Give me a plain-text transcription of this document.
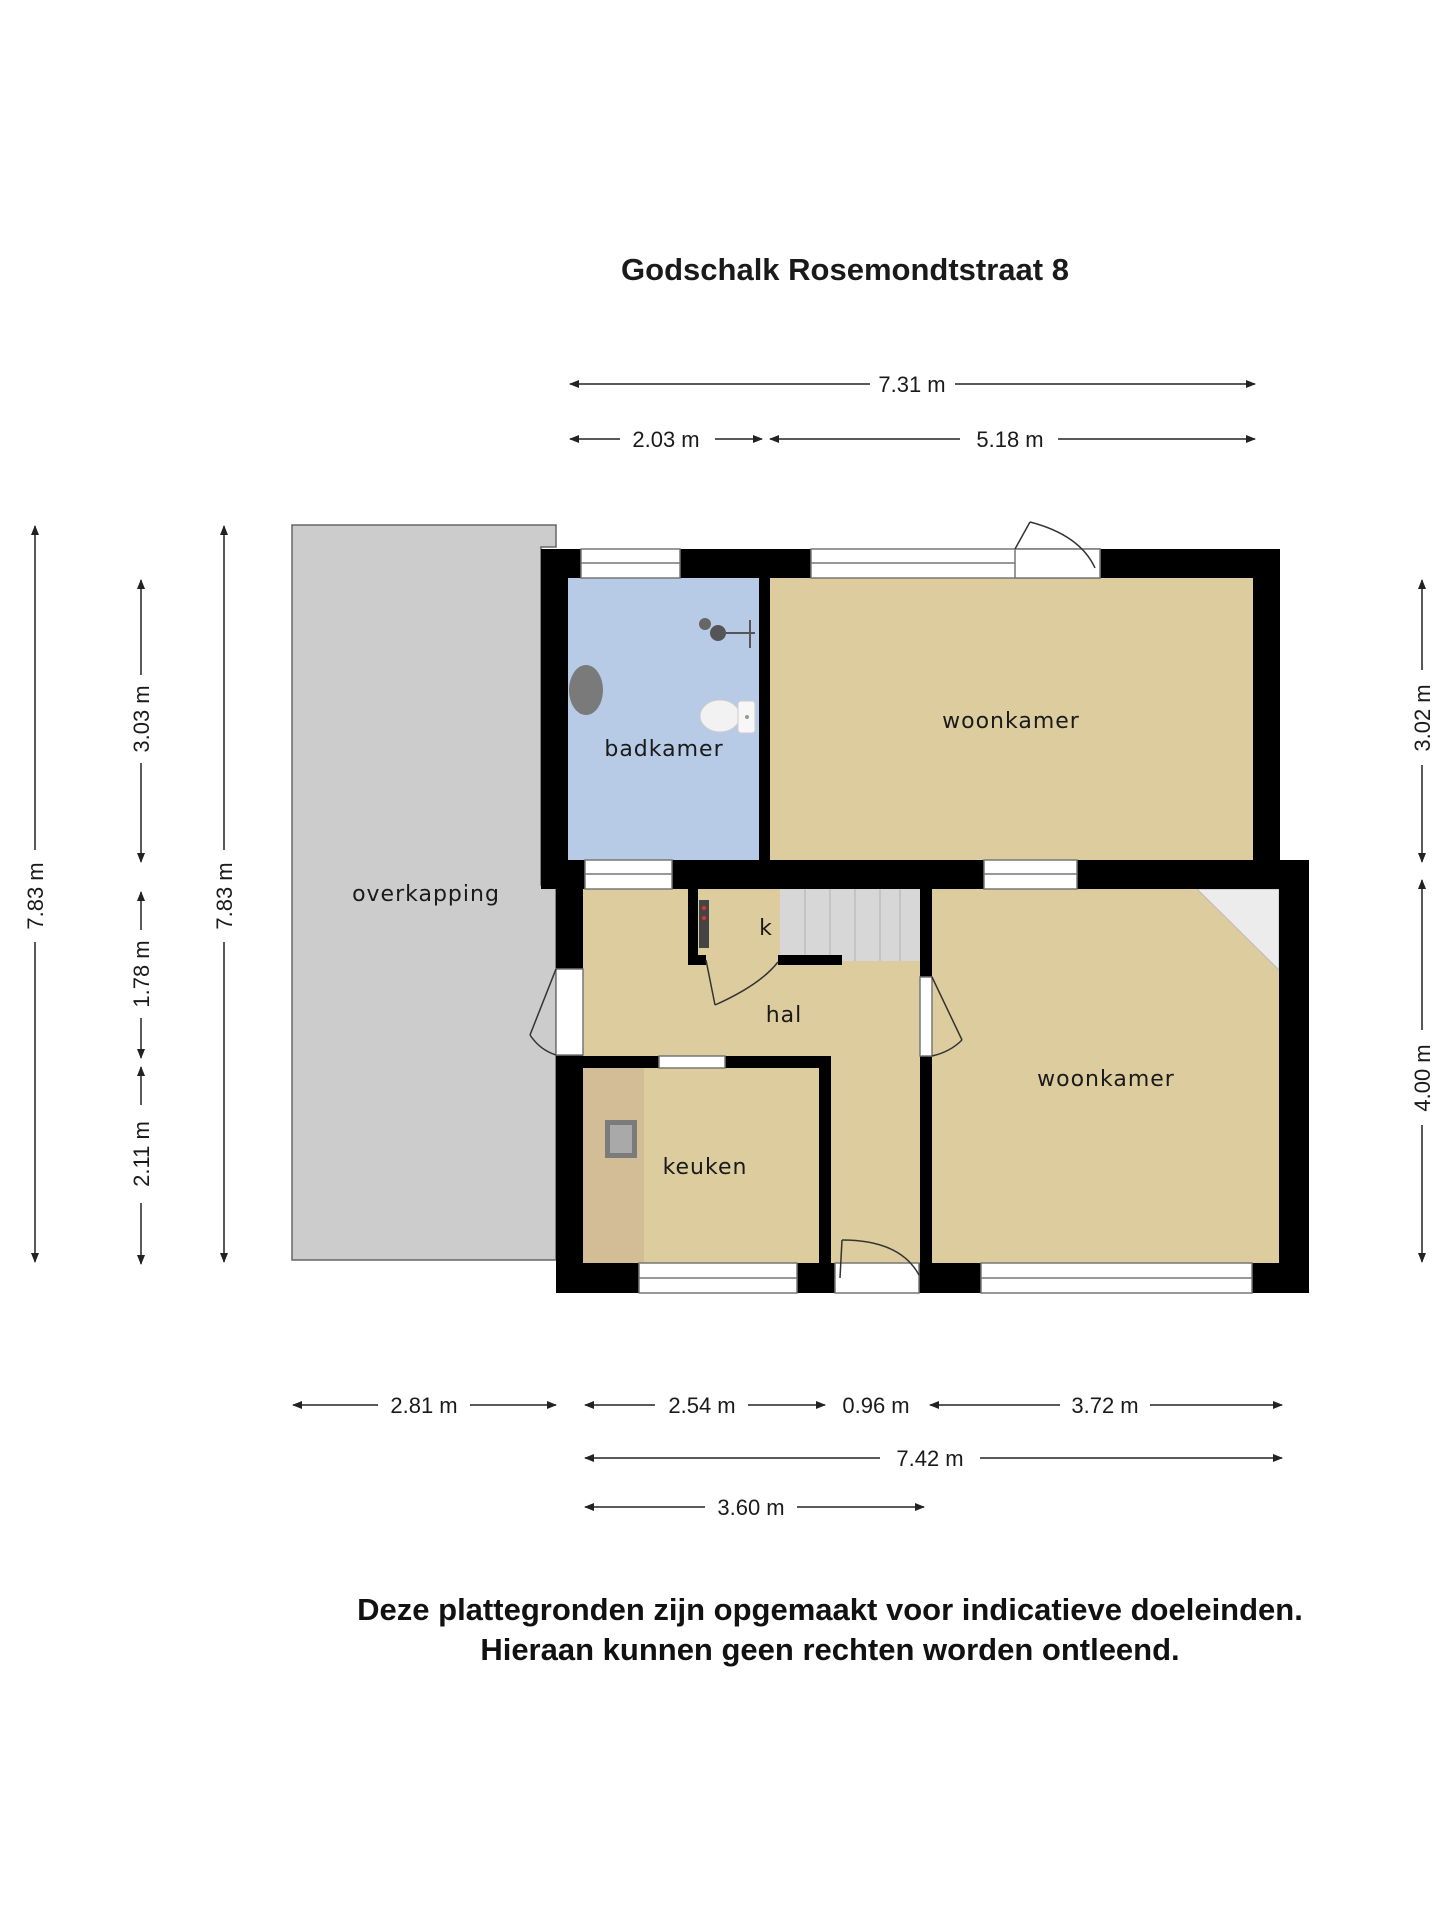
Godschalk Rosemondtstraat 8
badkamer
woonkamer
overkapping
k
hal
woonkamer
keuken
7.31 m
2.03 m	5.18 m
7.83 m	7.83 m
3.03 m
1.78 m
2.11 m
3.02 m
4.00 m
2.81 m	2.54 m	0.96 m	3.72 m
7.42 m
3.60 m
Deze plattegronden zijn opgemaakt voor indicatieve doeleinden.
Hieraan kunnen geen rechten worden ontleend.
